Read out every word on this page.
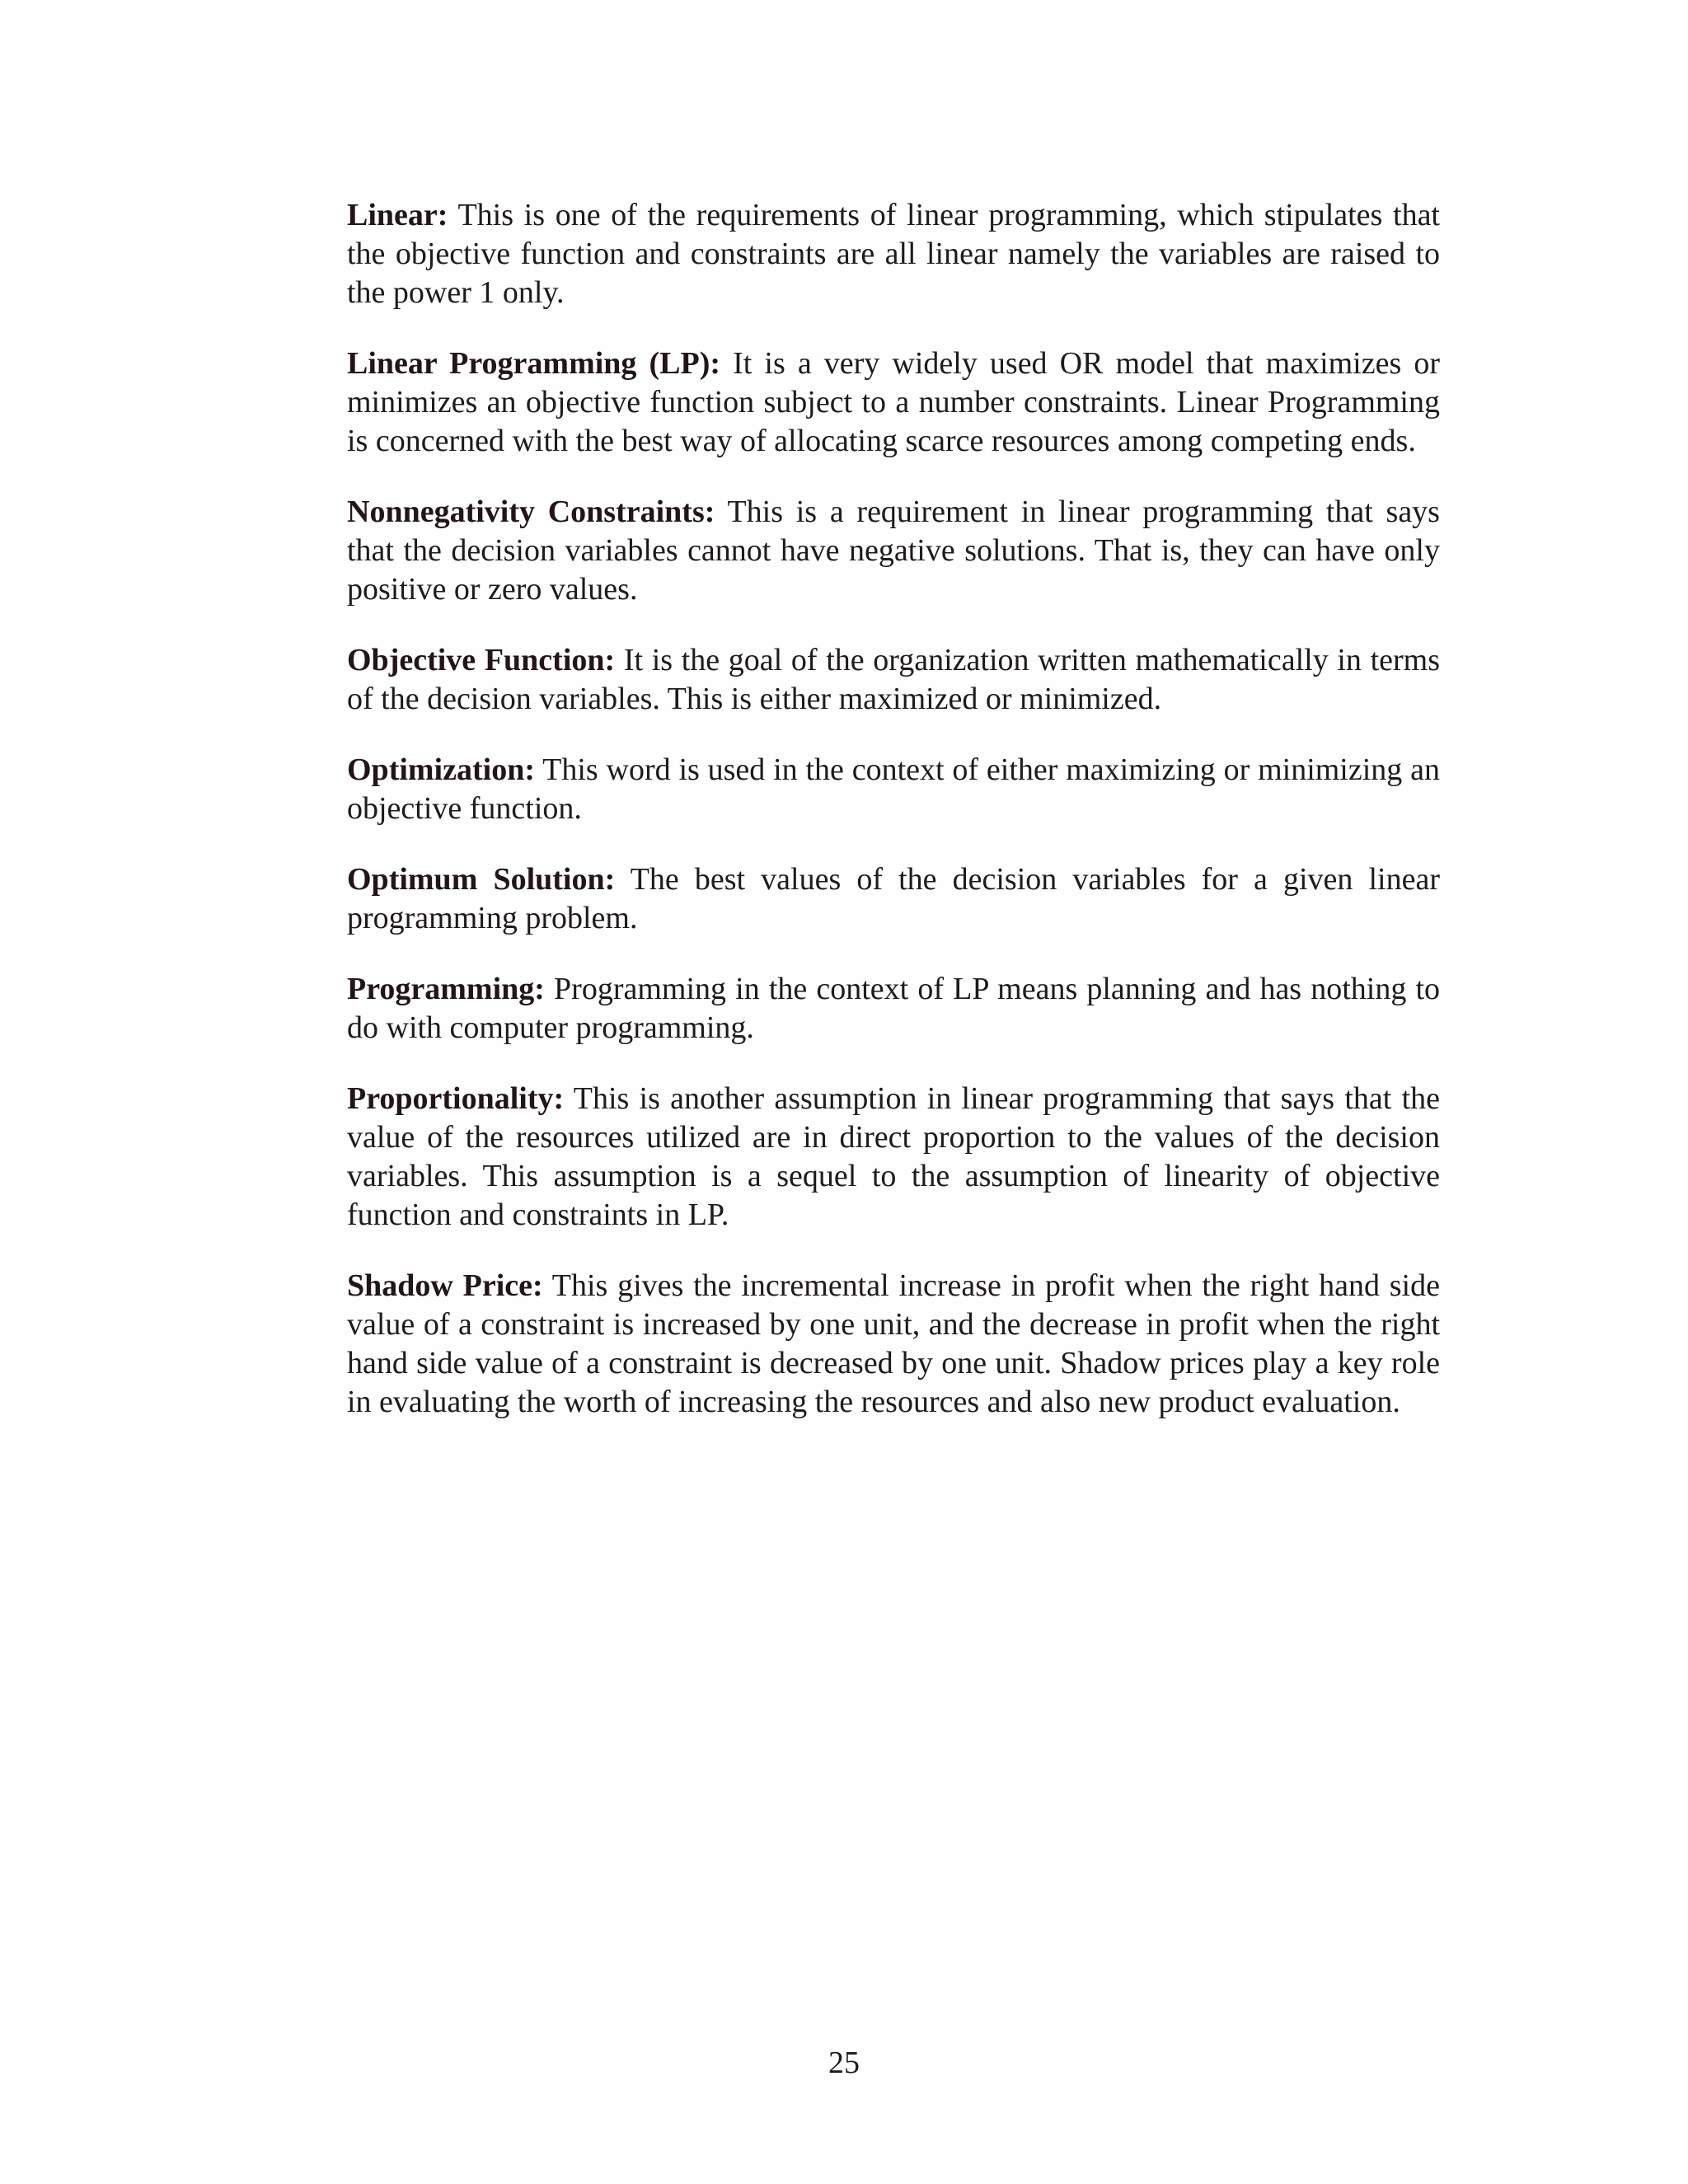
Linear: This is one of the requirements of linear programming, which stipulates that the objective function and constraints are all linear namely the variables are raised to the power 1 only.

Linear Programming (LP): It is a very widely used OR model that maximizes or minimizes an objective function subject to a number constraints. Linear Programming is concerned with the best way of allocating scarce resources among competing ends.

Nonnegativity Constraints: This is a requirement in linear programming that says that the decision variables cannot have negative solutions. That is, they can have only positive or zero values.

Objective Function: It is the goal of the organization written mathematically in terms of the decision variables. This is either maximized or minimized.

Optimization: This word is used in the context of either maximizing or minimizing an objective function.

Optimum Solution: The best values of the decision variables for a given linear programming problem.

Programming: Programming in the context of LP means planning and has nothing to do with computer programming.

Proportionality: This is another assumption in linear programming that says that the value of the resources utilized are in direct proportion to the values of the decision variables. This assumption is a sequel to the assumption of linearity of objective function and constraints in LP.

Shadow Price: This gives the incremental increase in profit when the right hand side value of a constraint is increased by one unit, and the decrease in profit when the right hand side value of a constraint is decreased by one unit. Shadow prices play a key role in evaluating the worth of increasing the resources and also new product evaluation.

25
